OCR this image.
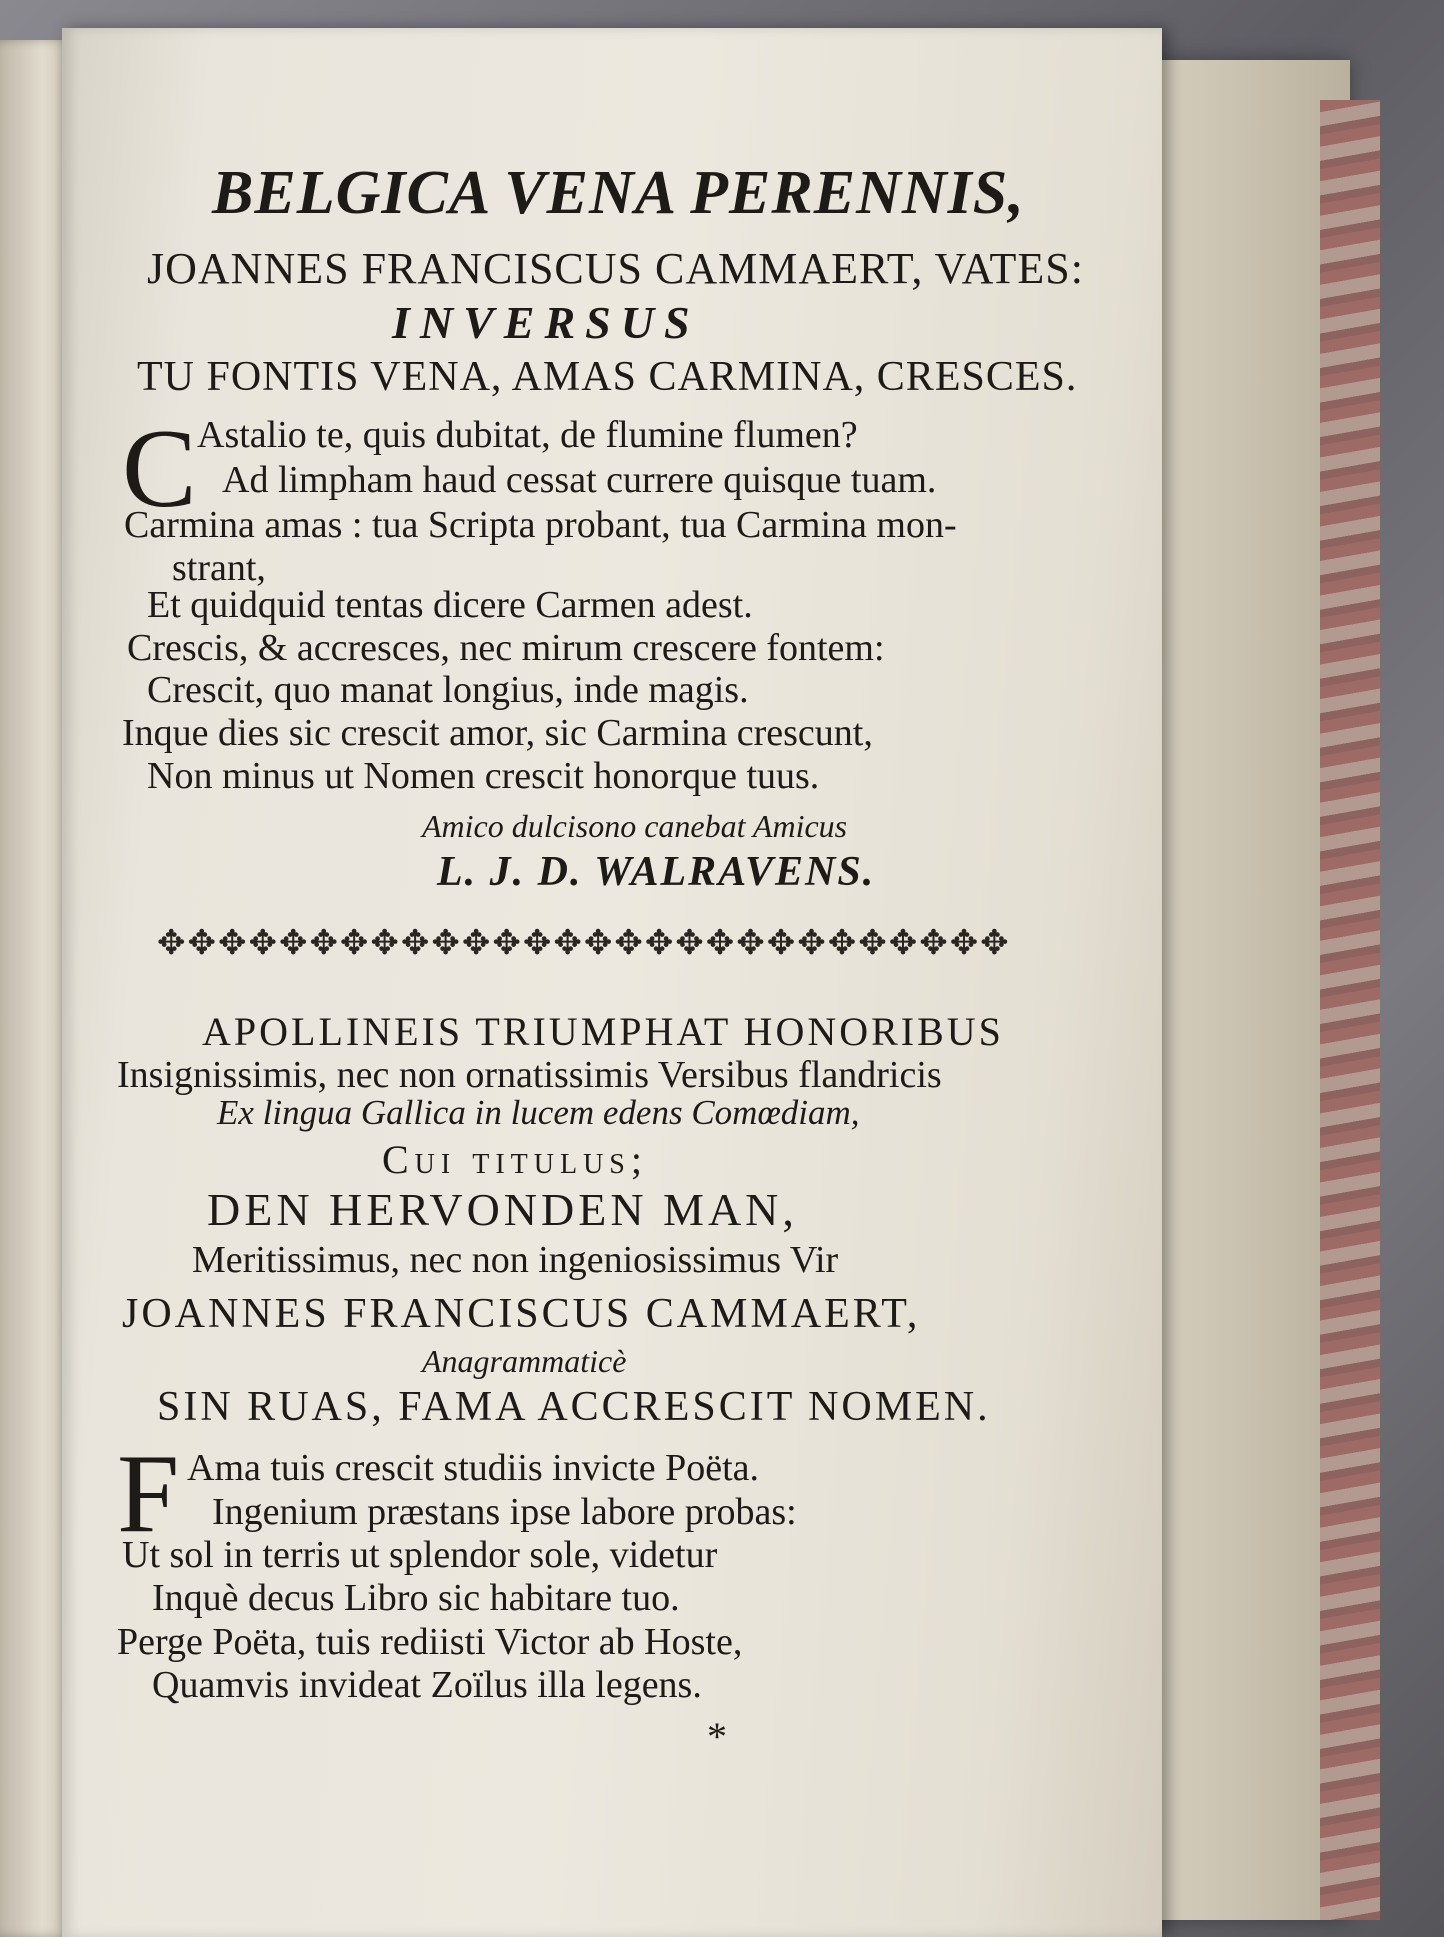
BELGICA VENA PERENNIS,
JOANNES FRANCISCUS CAMMAERT, VATES:
INVERSUS
TU FONTIS VENA, AMAS CARMINA, CRESCES.
C Astalio te, quis dubitat, de flumine flumen?
Ad limpham haud cessat currere quisque tuam.
Carmina amas : tua Scripta probant, tua Carmina mon-
strant,
Et quidquid tentas dicere Carmen adest.
Crescis, & accresces, nec mirum crescere fontem:
Crescit, quo manat longius, inde magis.
Inque dies sic crescit amor, sic Carmina crescunt,
Non minus ut Nomen crescit honorque tuus.
Amico dulcisono canebat Amicus
L. J. D. WALRAVENS.
✥✥✥✥✥✥✥✥✥✥✥✥✥✥✥✥✥✥✥✥✥✥✥✥✥✥✥✥
APOLLINEIS TRIUMPHAT HONORIBUS
Insignissimis, nec non ornatissimis Versibus flandricis
Ex lingua Gallica in lucem edens Comœdiam,
Cui titulus;
DEN HERVONDEN MAN,
Meritissimus, nec non ingeniosissimus Vir
JOANNES FRANCISCUS CAMMAERT,
Anagrammaticè
SIN RUAS, FAMA ACCRESCIT NOMEN.
F Ama tuis crescit studiis invicte Poëta.
Ingenium præstans ipse labore probas:
Ut sol in terris ut splendor sole, videtur
Inquè decus Libro sic habitare tuo.
Perge Poëta, tuis rediisti Victor ab Hoste,
Quamvis invideat Zoïlus illa legens.
*
